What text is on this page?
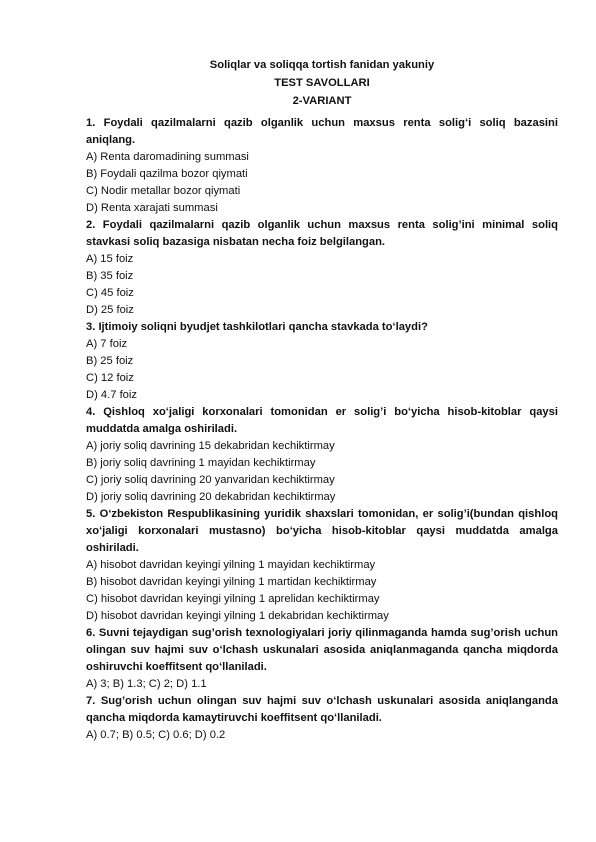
Soliqlar va soliqqa tortish fanidan yakuniy

TEST SAVOLLARI

2-VARIANT

1. Foydali qazilmalarni qazib olganlik uchun maxsus renta solig‘i soliq bazasini aniqlang.

A) Renta daromadining summasi

B) Foydali qazilma bozor qiymati

C) Nodir metallar bozor qiymati

D) Renta xarajati summasi

2. Foydali qazilmalarni qazib olganlik uchun maxsus renta solig’ini minimal soliq stavkasi soliq bazasiga nisbatan necha foiz belgilangan.

A) 15 foiz

B) 35 foiz

C) 45 foiz

D) 25 foiz

3. Ijtimoiy soliqni byudjet tashkilotlari qancha stavkada to‘laydi?

A) 7 foiz

B) 25 foiz

C) 12 foiz

D) 4.7 foiz

4. Qishloq xo‘jaligi korxonalari tomonidan er solig’i bo‘yicha hisob-kitoblar qaysi muddatda amalga oshiriladi.

A) joriy soliq davrining 15 dekabridan kechiktirmay

B) joriy soliq davrining 1 mayidan kechiktirmay

C) joriy soliq davrining 20 yanvaridan kechiktirmay

D) joriy soliq davrining 20 dekabridan kechiktirmay

5. O‘zbekiston Respublikasining yuridik shaxslari tomonidan, er solig’i(bundan qishloq xo‘jaligi korxonalari mustasno) bo‘yicha hisob-kitoblar qaysi muddatda amalga oshiriladi.

A) hisobot davridan keyingi yilning 1 mayidan kechiktirmay

B) hisobot davridan keyingi yilning 1 martidan kechiktirmay

C) hisobot davridan keyingi yilning 1 aprelidan kechiktirmay

D) hisobot davridan keyingi yilning 1 dekabridan kechiktirmay

6. Suvni tejaydigan sug’orish texnologiyalari joriy qilinmaganda hamda sug’orish uchun olingan suv hajmi suv o‘lchash uskunalari asosida aniqlanmaganda qancha miqdorda oshiruvchi koeffitsent qo‘llaniladi.

A) 3; B) 1.3; C) 2; D) 1.1

7. Sug’orish uchun olingan suv hajmi suv o‘lchash uskunalari asosida aniqlanganda qancha miqdorda kamaytiruvchi koeffitsent qo‘llaniladi.

A) 0.7; B) 0.5; C) 0.6; D) 0.2
